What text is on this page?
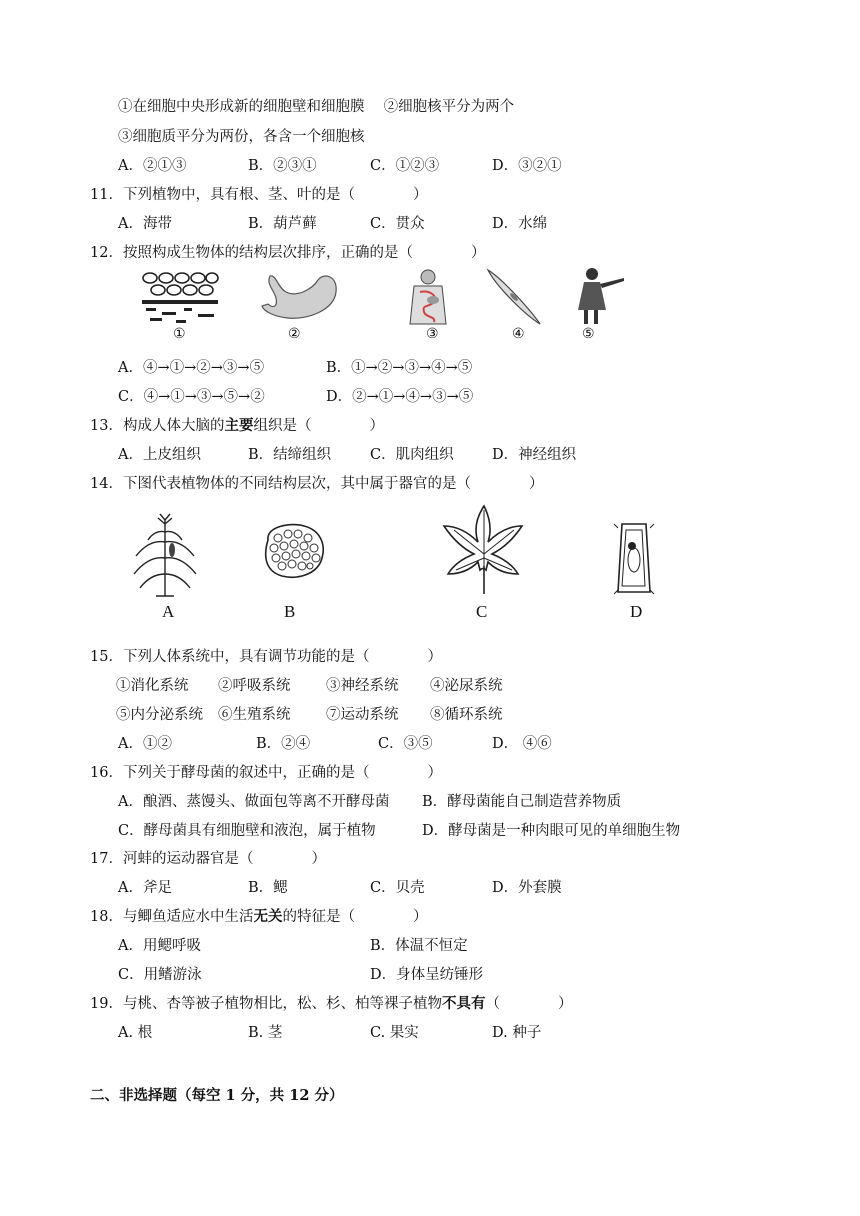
①在细胞中央形成新的细胞壁和细胞膜　 ②细胞核平分为两个
③细胞质平分为两份，各含一个细胞核
A．②①③	B．②③①	C．①②③	D．③②①
11．下列植物中，具有根、茎、叶的是（　　　　）
A．海带	B．葫芦藓	C．贯众	D．水绵
12．按照构成生物体的结构层次排序，正确的是（　　　　）
①	②	③	④	⑤
A．④→①→②→③→⑤	B．①→②→③→④→⑤
C．④→①→③→⑤→②	D．②→①→④→③→⑤
13．构成人体大脑的主要组织是（　　　　）
A．上皮组织	B．结缔组织	C．肌肉组织	D．神经组织
14．下图代表植物体的不同结构层次，其中属于器官的是（　　　　）
A	B	C	D
15．下列人体系统中，具有调节功能的是（　　　　）
①消化系统 ②呼吸系统 ③神经系统 ④泌尿系统
⑤内分泌系统 ⑥生殖系统 ⑦运动系统 ⑧循环系统
A．①②	B．②④	C．③⑤	D． ④⑥
16．下列关于酵母菌的叙述中，正确的是（　　　　）
A．酿酒、蒸馒头、做面包等离不开酵母菌 B．酵母菌能自己制造营养物质
C．酵母菌具有细胞壁和液泡，属于植物	D．酵母菌是一种肉眼可见的单细胞生物
17．河蚌的运动器官是（　　　　）
A．斧足	B．鳃	C．贝壳	D．外套膜
18．与鲫鱼适应水中生活无关的特征是（　　　　）
A．用鳃呼吸	B．体温不恒定
C．用鳍游泳	D．身体呈纺锤形
19．与桃、杏等被子植物相比，松、杉、柏等裸子植物不具有（　　　　）
A. 根	B. 茎	C. 果实	D. 种子
二、非选择题（每空 1 分，共 12 分）
